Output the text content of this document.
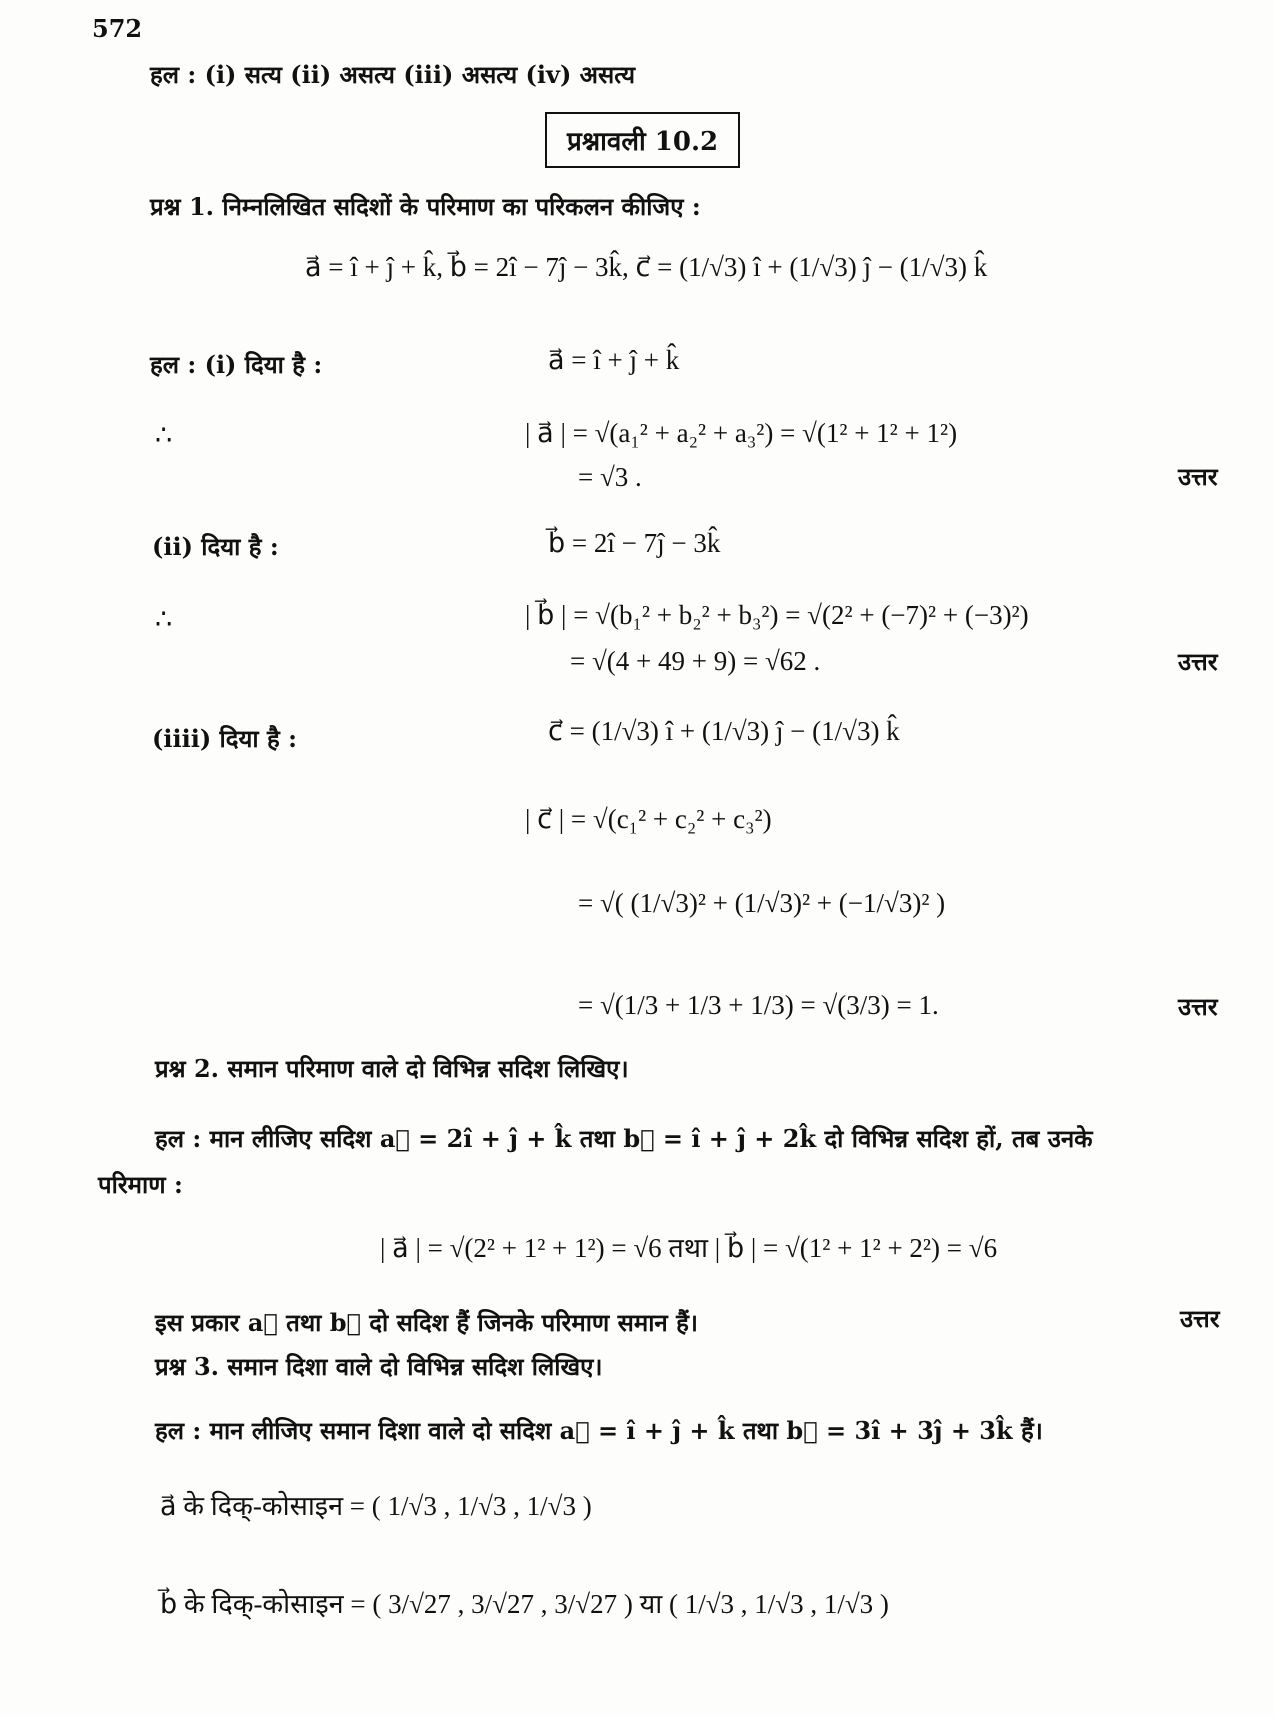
572
हल : (i) सत्य (ii) असत्य (iii) असत्य (iv) असत्य
प्रश्नावली 10.2
प्रश्न 1. निम्नलिखित सदिशों के परिमाण का परिकलन कीजिए :
a⃗ = î + ĵ + k̂, b⃗ = 2î − 7ĵ − 3k̂, c⃗ = (1/√3) î + (1/√3) ĵ − (1/√3) k̂
हल : (i) दिया है :	a⃗ = î + ĵ + k̂
∴	| a⃗ | = √(a₁² + a₂² + a₃²) = √(1² + 1² + 1²)
= √3 .	उत्तर
(ii) दिया है :	b⃗ = 2î − 7ĵ − 3k̂
∴	| b⃗ | = √(b₁² + b₂² + b₃²) = √(2² + (−7)² + (−3)²)
= √(4 + 49 + 9) = √62 .	उत्तर
(iiii) दिया है :	c⃗ = (1/√3) î + (1/√3) ĵ − (1/√3) k̂
| c⃗ | = √(c₁² + c₂² + c₃²)
= √( (1/√3)² + (1/√3)² + (−1/√3)² )
= √(1/3 + 1/3 + 1/3) = √(3/3) = 1.	उत्तर
प्रश्न 2. समान परिमाण वाले दो विभिन्न सदिश लिखिए।
हल : मान लीजिए सदिश a⃗ = 2î + ĵ + k̂ तथा b⃗ = î + ĵ + 2k̂ दो विभिन्न सदिश हों, तब उनके
परिमाण :
| a⃗ | = √(2² + 1² + 1²) = √6 तथा | b⃗ | = √(1² + 1² + 2²) = √6
इस प्रकार a⃗ तथा b⃗ दो सदिश हैं जिनके परिमाण समान हैं।	उत्तर
प्रश्न 3. समान दिशा वाले दो विभिन्न सदिश लिखिए।
हल : मान लीजिए समान दिशा वाले दो सदिश a⃗ = î + ĵ + k̂ तथा b⃗ = 3î + 3ĵ + 3k̂ हैं।
a⃗ के दिक्-कोसाइन = ( 1/√3 , 1/√3 , 1/√3 )
b⃗ के दिक्-कोसाइन = ( 3/√27 , 3/√27 , 3/√27 ) या ( 1/√3 , 1/√3 , 1/√3 )
